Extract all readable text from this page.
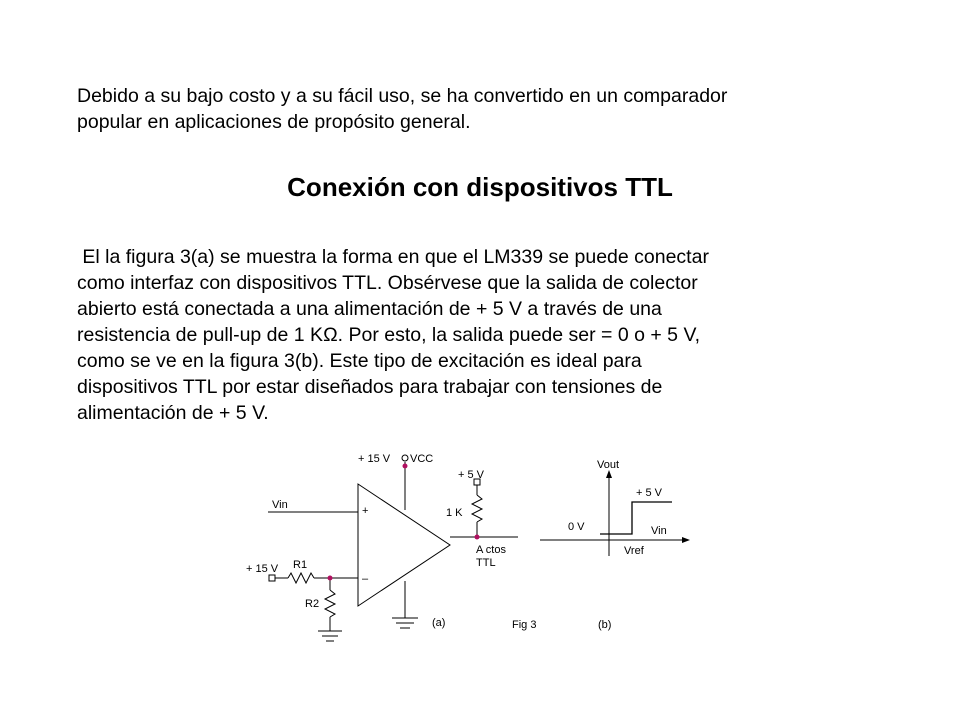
Debido a su bajo costo y a su fácil uso, se ha convertido en un comparador
popular en aplicaciones de propósito general.

Conexión con dispositivos TTL

El la figura 3(a) se muestra la forma en que el LM339 se puede conectar
como interfaz con dispositivos TTL. Obsérvese que la salida de colector
abierto está conectada a una alimentación de + 5 V a través de una
resistencia de pull-up de 1 KΩ. Por esto, la salida puede ser = 0 o + 5 V,
como se ve en la figura 3(b). Este tipo de excitación es ideal para
dispositivos TTL por estar diseñados para trabajar con tensiones de
alimentación de + 5 V.

+ 15 V VCC
+ 5 V
1 K
Vin	+
–
+ 15 V R1
R2
A ctos
TTL
(a)	Fig 3
Vout
+ 5 V
0 V	Vin
Vref
(b)
